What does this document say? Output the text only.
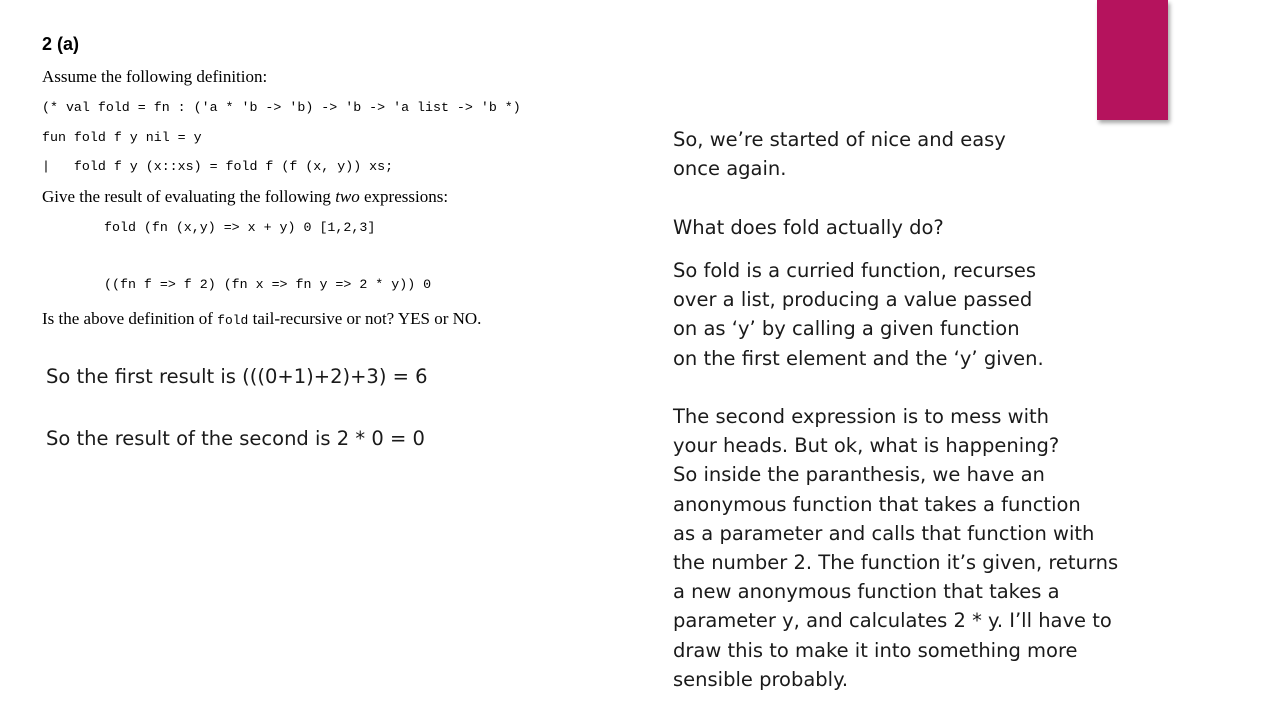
2 (a)

Assume the following definition:

(* val fold = fn : ('a * 'b -> 'b) -> 'b -> 'a list -> 'b *)

fun fold f y nil = y

|   fold f y (x::xs) = fold f (f (x, y)) xs;

Give the result of evaluating the following two expressions:

fold (fn (x,y) => x + y) 0 [1,2,3]

((fn f => f 2) (fn x => fn y => 2 * y)) 0

Is the above definition of fold tail-recursive or not? YES or NO.

So the first result is (((0+1)+2)+3) = 6

So the result of the second is 2 * 0 = 0

So, we’re started of nice and easy
once again.
What does fold actually do?
So fold is a curried function, recurses
over a list, producing a value passed
on as ‘y’ by calling a given function
on the first element and the ‘y’ given.
The second expression is to mess with
your heads. But ok, what is happening?
So inside the paranthesis, we have an
anonymous function that takes a function
as a parameter and calls that function with
the number 2. The function it’s given, returns
a new anonymous function that takes a
parameter y, and calculates 2 * y. I’ll have to
draw this to make it into something more
sensible probably.
